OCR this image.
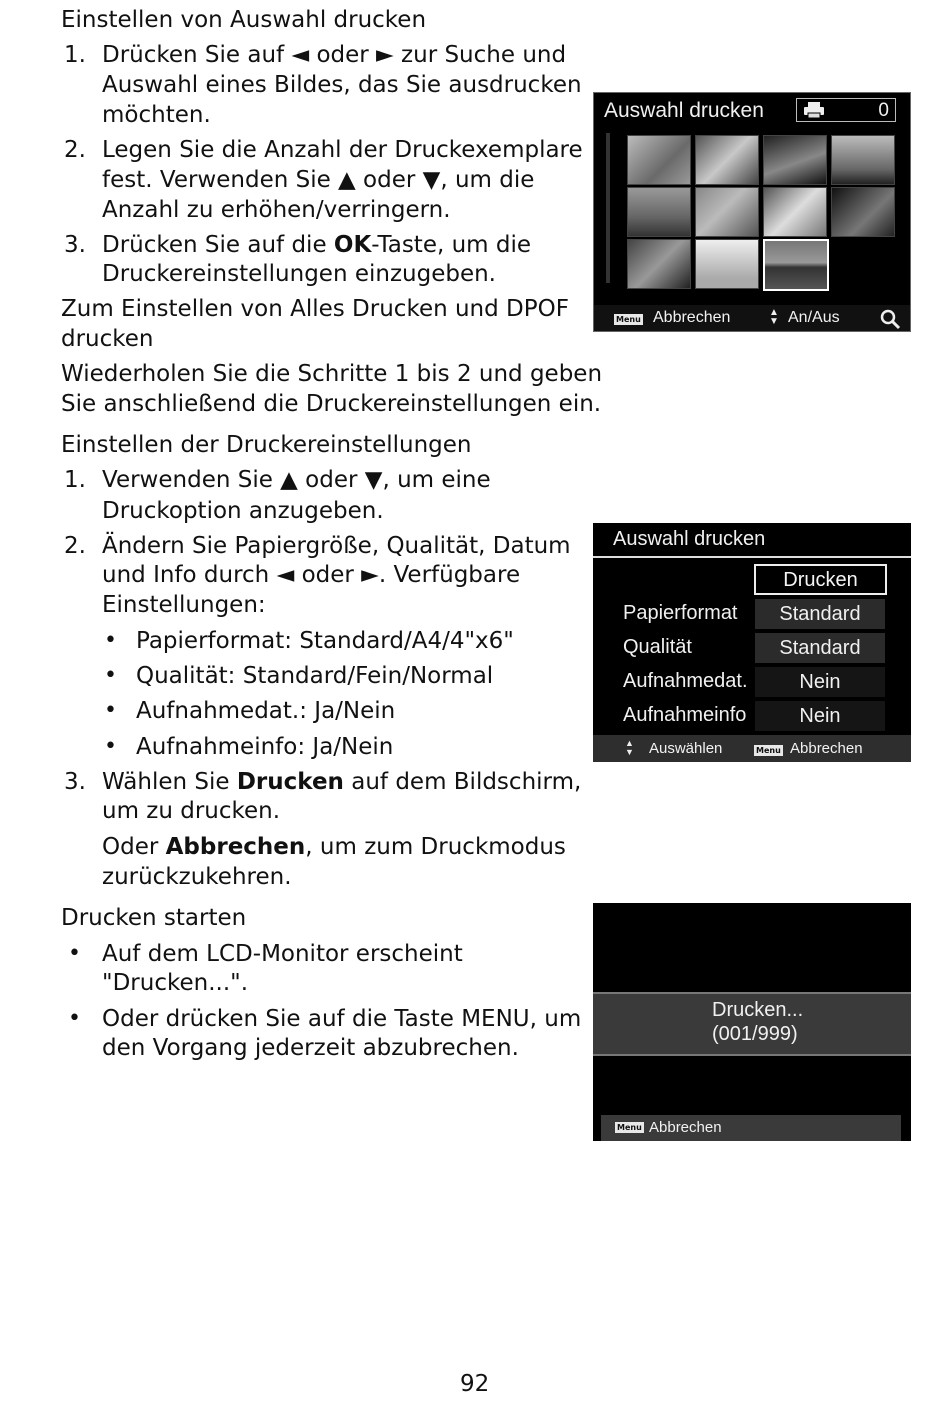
Einstellen von Auswahl drucken
1. Drücken Sie auf ◄ oder ► zur Suche und
Auswahl eines Bildes, das Sie ausdrucken
möchten.
2. Legen Sie die Anzahl der Druckexemplare
fest. Verwenden Sie ▲ oder ▼, um die
Anzahl zu erhöhen/verringern.
3. Drücken Sie auf die OK-Taste, um die
Druckereinstellungen einzugeben.
Zum Einstellen von Alles Drucken und DPOF
drucken
Wiederholen Sie die Schritte 1 bis 2 und geben
Sie anschließend die Druckereinstellungen ein.
Einstellen der Druckereinstellungen
1. Verwenden Sie ▲ oder ▼, um eine
Druckoption anzugeben.
2. Ändern Sie Papiergröße, Qualität, Datum
und Info durch ◄ oder ►. Verfügbare
Einstellungen:
• Papierformat: Standard/A4/4"x6"
• Qualität: Standard/Fein/Normal
• Aufnahmedat.: Ja/Nein
• Aufnahmeinfo: Ja/Nein
3. Wählen Sie Drucken auf dem Bildschirm,
um zu drucken.
Oder Abbrechen, um zum Druckmodus
zurückzukehren.
Drucken starten
• Auf dem LCD-Monitor erscheint
"Drucken...".
• Oder drücken Sie auf die Taste MENU, um
den Vorgang jederzeit abzubrechen.
92
Auswahl drucken	0
Menu Abbrechen	▲
▼ An/Aus
Auswahl drucken
Drucken
Papierformat	Standard
Qualität	Standard
Aufnahmedat.	Nein
Aufnahmeinfo	Nein
▲
▼ Auswählen	Menu Abbrechen
Drucken...
(001/999)
Menu Abbrechen
